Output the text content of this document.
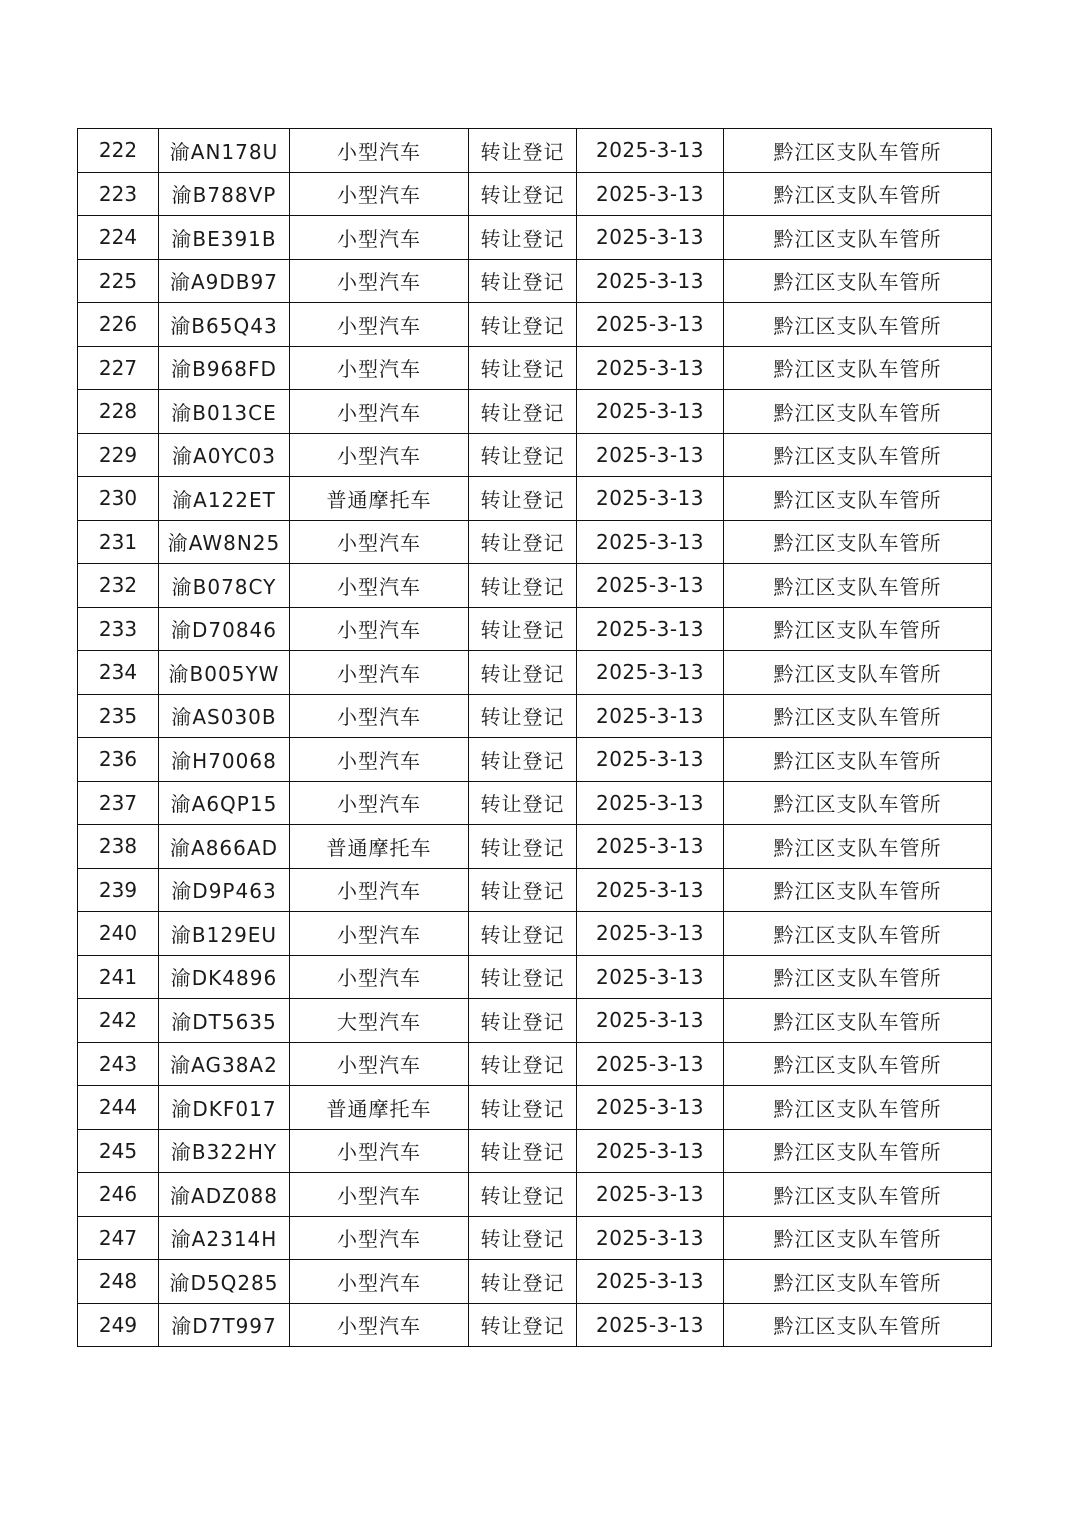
222	渝AN178U	小型汽车	转让登记	2025-3-13	黔江区支队车管所
223	渝B788VP	小型汽车	转让登记	2025-3-13	黔江区支队车管所
224	渝BE391B	小型汽车	转让登记	2025-3-13	黔江区支队车管所
225	渝A9DB97	小型汽车	转让登记	2025-3-13	黔江区支队车管所
226	渝B65Q43	小型汽车	转让登记	2025-3-13	黔江区支队车管所
227	渝B968FD	小型汽车	转让登记	2025-3-13	黔江区支队车管所
228	渝B013CE	小型汽车	转让登记	2025-3-13	黔江区支队车管所
229	渝A0YC03	小型汽车	转让登记	2025-3-13	黔江区支队车管所
230	渝A122ET	普通摩托车	转让登记	2025-3-13	黔江区支队车管所
231	渝AW8N25	小型汽车	转让登记	2025-3-13	黔江区支队车管所
232	渝B078CY	小型汽车	转让登记	2025-3-13	黔江区支队车管所
233	渝D70846	小型汽车	转让登记	2025-3-13	黔江区支队车管所
234	渝B005YW	小型汽车	转让登记	2025-3-13	黔江区支队车管所
235	渝AS030B	小型汽车	转让登记	2025-3-13	黔江区支队车管所
236	渝H70068	小型汽车	转让登记	2025-3-13	黔江区支队车管所
237	渝A6QP15	小型汽车	转让登记	2025-3-13	黔江区支队车管所
238	渝A866AD	普通摩托车	转让登记	2025-3-13	黔江区支队车管所
239	渝D9P463	小型汽车	转让登记	2025-3-13	黔江区支队车管所
240	渝B129EU	小型汽车	转让登记	2025-3-13	黔江区支队车管所
241	渝DK4896	小型汽车	转让登记	2025-3-13	黔江区支队车管所
242	渝DT5635	大型汽车	转让登记	2025-3-13	黔江区支队车管所
243	渝AG38A2	小型汽车	转让登记	2025-3-13	黔江区支队车管所
244	渝DKF017	普通摩托车	转让登记	2025-3-13	黔江区支队车管所
245	渝B322HY	小型汽车	转让登记	2025-3-13	黔江区支队车管所
246	渝ADZ088	小型汽车	转让登记	2025-3-13	黔江区支队车管所
247	渝A2314H	小型汽车	转让登记	2025-3-13	黔江区支队车管所
248	渝D5Q285	小型汽车	转让登记	2025-3-13	黔江区支队车管所
249	渝D7T997	小型汽车	转让登记	2025-3-13	黔江区支队车管所
